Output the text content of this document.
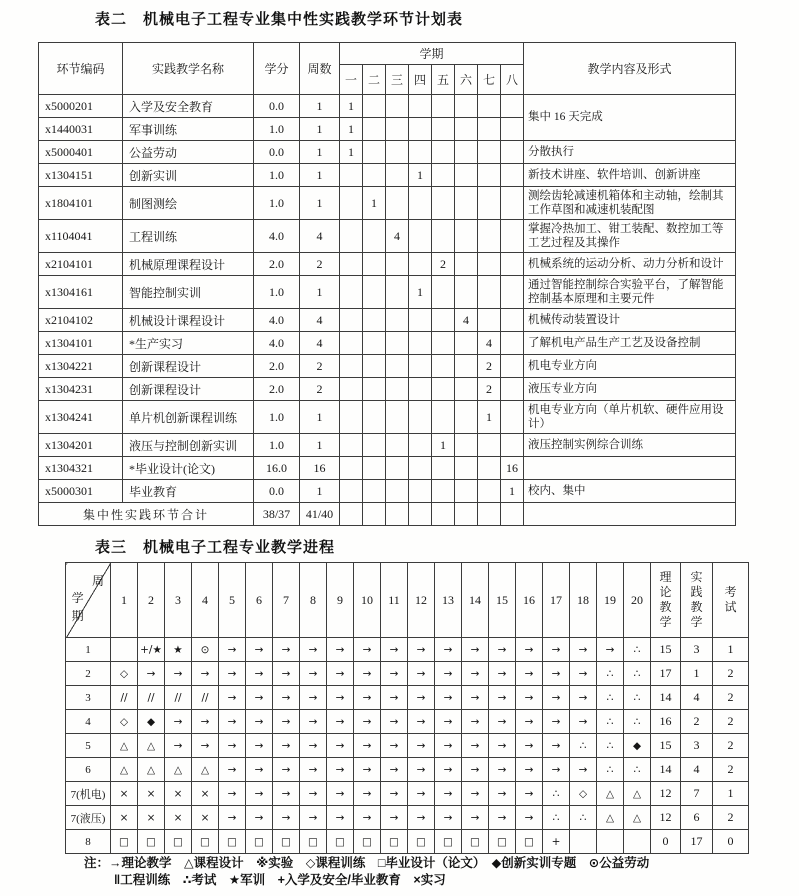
表二　机械电子工程专业集中性实践教学环节计划表
环节编码	实践教学名称	学分	周数	学期								教学内容及形式
				一	二	三	四	五	六	七	八	
x5000201	入学及安全教育	0.0	1	1								集中 16 天完成
x1440031	军事训练	1.0	1	1								
x5000401	公益劳动	0.0	1	1								分散执行
x1304151	创新实训	1.0	1				1					新技术讲座、软件培训、创新讲座
x1804101	制图测绘	1.0	1		1							测绘齿轮减速机箱体和主动轴，绘制其工作草图和减速机装配图
x1104041	工程训练	4.0	4			4						掌握冷热加工、钳工装配、数控加工等工艺过程及其操作
x2104101	机械原理课程设计	2.0	2					2				机械系统的运动分析、动力分析和设计
x1304161	智能控制实训	1.0	1				1					通过智能控制综合实验平台，了解智能控制基本原理和主要元件
x2104102	机械设计课程设计	4.0	4						4			机械传动装置设计
x1304101	*生产实习	4.0	4							4		了解机电产品生产工艺及设备控制
x1304221	创新课程设计	2.0	2							2		机电专业方向
x1304231	创新课程设计	2.0	2							2		液压专业方向
x1304241	单片机创新课程训练	1.0	1							1		机电专业方向（单片机软、硬件应用设计）
x1304201	液压与控制创新实训	1.0	1					1				液压控制实例综合训练
x1304321	*毕业设计(论文)	16.0	16								16	
x5000301	毕业教育	0.0	1								1	校内、集中
集中性实践环节合计		38/37	41/40									
表三　机械电子工程专业教学进程
周
学期	1	2	3	4	5	6	7	8	9	10	11	12	13	14	15	16	17	18	19	20	理论教学	实践教学	考试

1		+/★	★	⊙	→	→	→	→	→	→	→	→	→	→	→	→	→	→	→	∴	15	3	1
2	◇	→	→	→	→	→	→	→	→	→	→	→	→	→	→	→	→	→	∴	∴	17	1	2
3	//	//	//	//	→	→	→	→	→	→	→	→	→	→	→	→	→	→	∴	∴	14	4	2
4	◇	◆	→	→	→	→	→	→	→	→	→	→	→	→	→	→	→	→	∴	∴	16	2	2
5	△	△	→	→	→	→	→	→	→	→	→	→	→	→	→	→	→	∴	∴	◆	15	3	2
6	△	△	△	△	→	→	→	→	→	→	→	→	→	→	→	→	→	→	∴	∴	14	4	2
7(机电)	×	×	×	×	→	→	→	→	→	→	→	→	→	→	→	→	∴	◇	△	△	12	7	1
7(液压)	×	×	×	×	→	→	→	→	→	→	→	→	→	→	→	→	∴	∴	△	△	12	6	2
8	□	□	□	□	□	□	□	□	□	□	□	□	□	□	□	□	+				0	17	0
注：→理论教学　△课程设计　※实验　◇课程训练　□毕业设计（论文）　◆创新实训专题　⊙公益劳动
‖工程训练　∴考试　★军训　+入学及安全/毕业教育　×实习
